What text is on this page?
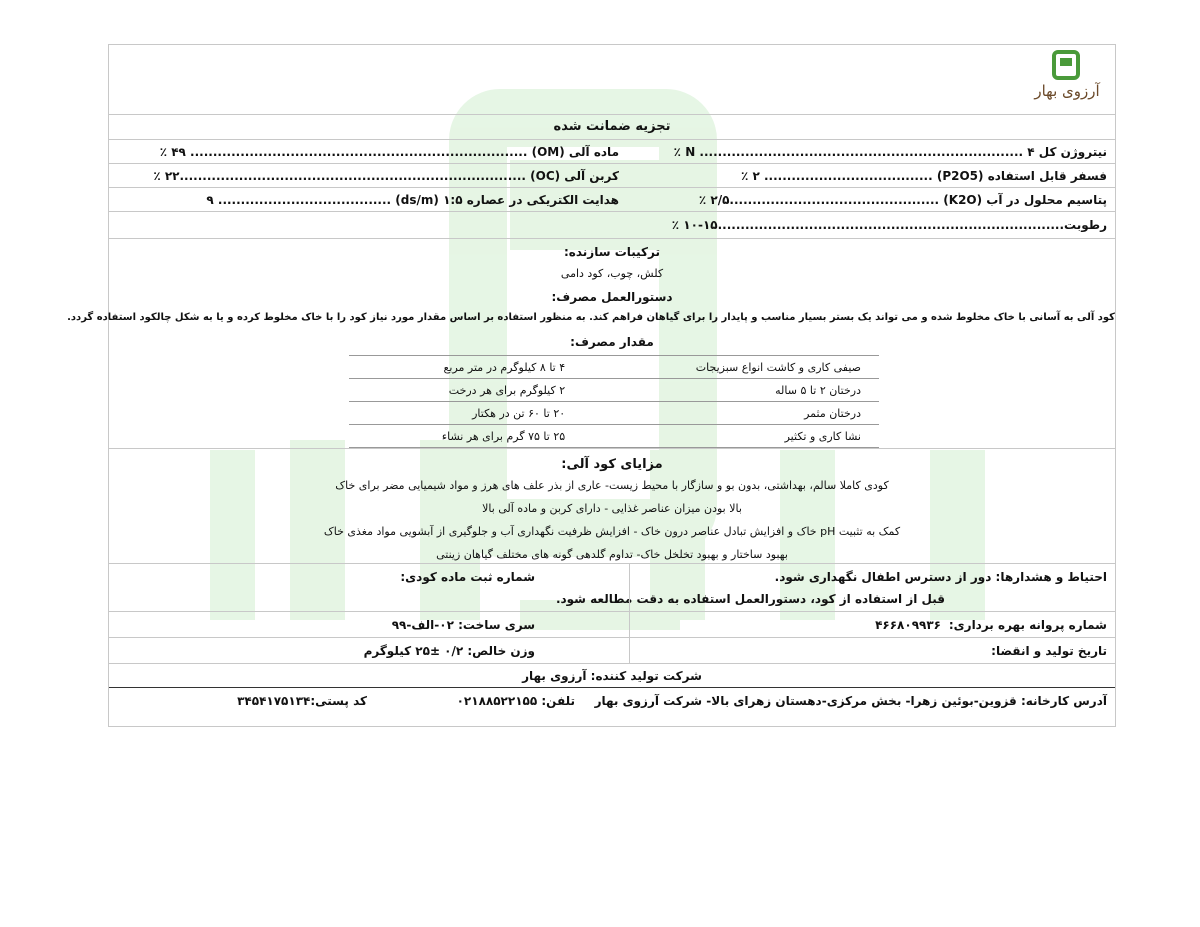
آرزوی بهار
تجزیه ضمانت شده
نیتروژن کل N ....................................................................... ۴ ٪
ماده آلی (OM) .......................................................................... ۴۹ ٪
فسفر قابل استفاده (P2O5) ..................................... ۲ ٪
کربن آلی (OC) ............................................................................۲۲ ٪
پتاسیم محلول در آب (K2O) ..............................................۲/۵ ٪
هدایت الکتریکی در عصاره ۱:۵ (ds/m) ...................................... ۹
رطوبت............................................................................۱۵-۱۰ ٪
ترکیبات سازنده:
کلش، چوب، کود دامی
دستورالعمل مصرف:
کود آلی به آسانی با خاک مخلوط شده و می تواند یک بستر بسیار مناسب و پایدار را برای گیاهان فراهم کند. به منظور استفاده بر اساس مقدار مورد نیاز کود را با خاک مخلوط کرده و یا به شکل چالکود استفاده گردد.
مقدار مصرف:
صیفی کاری و کاشت انواع سبزیجات	۴ تا ۸ کیلوگرم در متر مربع
درختان ۲ تا ۵ ساله	۲ کیلوگرم برای هر درخت
درختان مثمر	۲۰ تا ۶۰ تن در هکتار
نشا کاری و تکثیر	۲۵ تا ۷۵ گرم برای هر نشاء
مزایای کود آلی:
کودی کاملا سالم، بهداشتی، بدون بو و سازگار با محیط زیست- عاری از بذر علف های هرز و مواد شیمیایی مضر برای خاک
بالا بودن میزان عناصر غذایی - دارای کربن و ماده آلی بالا
کمک به تثبیت pH خاک و افزایش تبادل عناصر درون خاک - افزایش ظرفیت نگهداری آب و جلوگیری از آبشویی مواد مغذی خاک
بهبود ساختار و بهبود تخلخل خاک- تداوم گلدهی گونه های مختلف گیاهان زینتی
احتیاط و هشدارها: دور از دسترس اطفال نگهداری شود.
قبل از استفاده از کود، دستورالعمل استفاده به دقت مطالعه شود.
شماره ثبت ماده کودی:
شماره پروانه بهره برداری:
۴۶۶۸۰۹۹۳۶
سری ساخت: ۰۲-الف-۹۹
تاریخ تولید و انقضا:
وزن خالص: ۰/۲ ±۲۵ کیلوگرم
شرکت تولید کننده: آرزوی بهار
آدرس کارخانه: قزوین-بوئین زهرا- بخش مرکزی-دهستان زهرای بالا- شرکت آرزوی بهار
تلفن: ۰۲۱۸۸۵۲۲۱۵۵
کد پستی:۳۴۵۴۱۷۵۱۳۴
